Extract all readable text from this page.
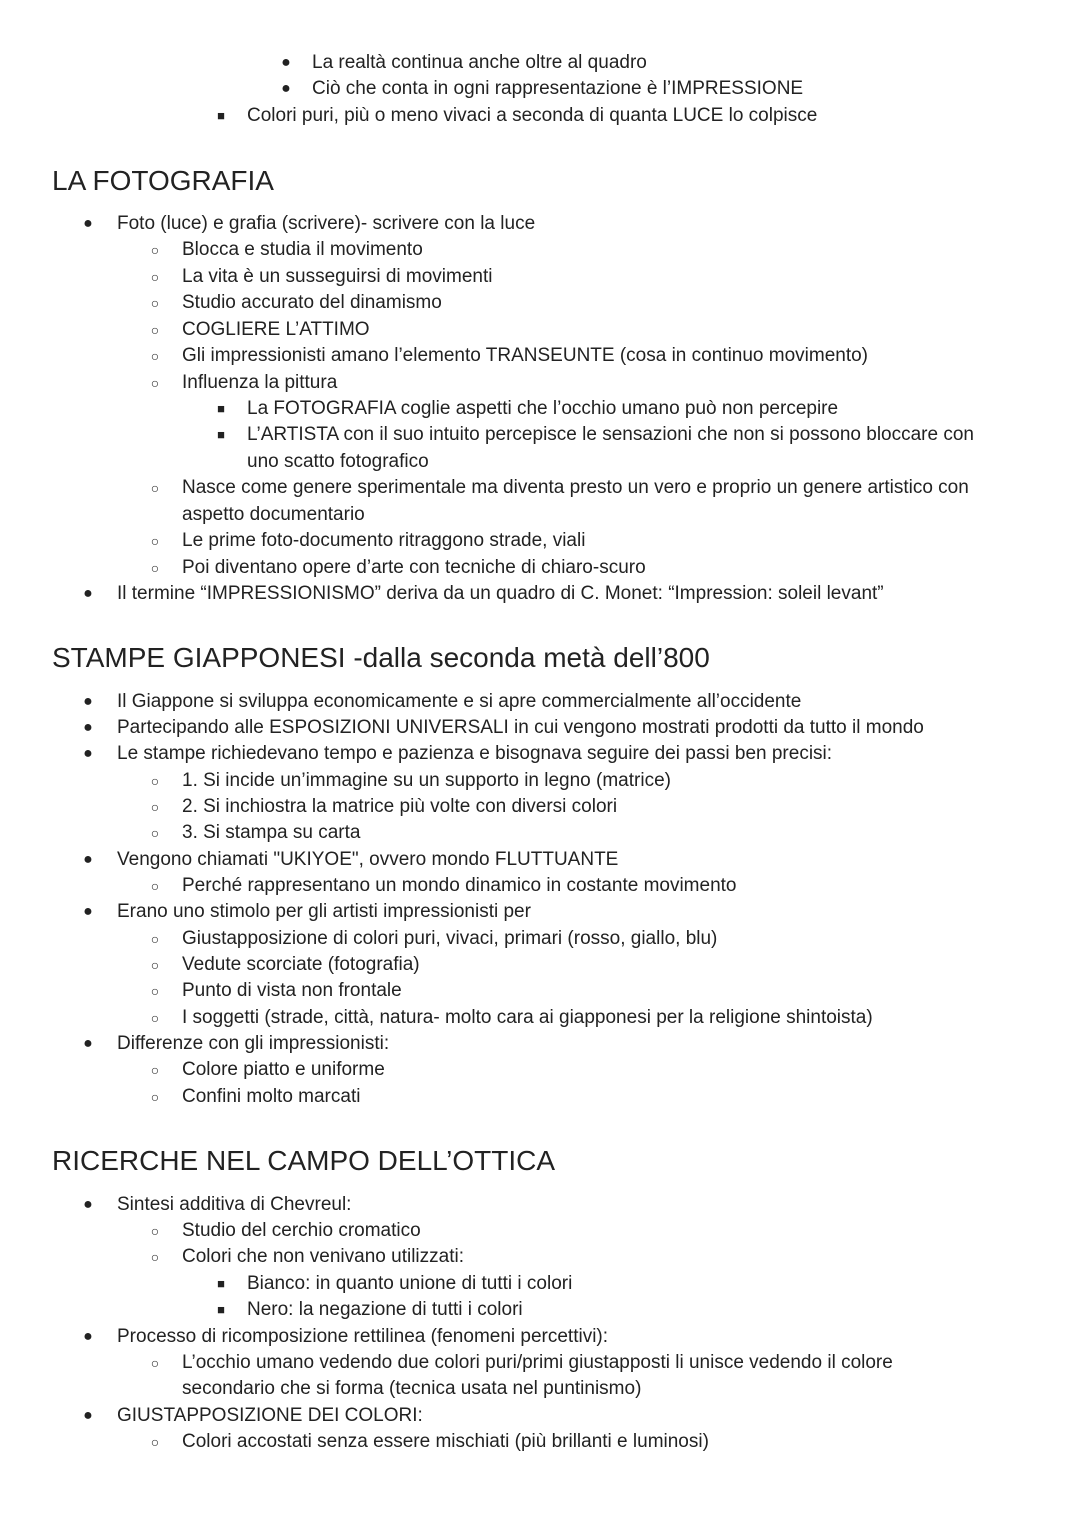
● La realtà continua anche oltre al quadro
● Ciò che conta in ogni rappresentazione è l’IMPRESSIONE
■	Colori puri, più o meno vivaci a seconda di quanta LUCE lo colpisce
LA FOTOGRAFIA
● Foto (luce) e grafia (scrivere)- scrivere con la luce
○	Blocca e studia il movimento
○	La vita è un susseguirsi di movimenti
○	Studio accurato del dinamismo
○	COGLIERE L’ATTIMO
○	Gli impressionisti amano l’elemento TRANSEUNTE (cosa in continuo movimento)
○	Influenza la pittura
■	La FOTOGRAFIA coglie aspetti che l’occhio umano può non percepire
■	L’ARTISTA con il suo intuito percepisce le sensazioni che non si possono bloccare con
uno scatto fotografico
○	Nasce come genere sperimentale ma diventa presto un vero e proprio un genere artistico con
aspetto documentario
○	Le prime foto-documento ritraggono strade, viali
○	Poi diventano opere d’arte con tecniche di chiaro-scuro
● Il termine “IMPRESSIONISMO” deriva da un quadro di C. Monet: “Impression: soleil levant”
STAMPE GIAPPONESI -dalla seconda metà dell’800
● Il Giappone si sviluppa economicamente e si apre commercialmente all’occidente
● Partecipando alle ESPOSIZIONI UNIVERSALI in cui vengono mostrati prodotti da tutto il mondo
● Le stampe richiedevano tempo e pazienza e bisognava seguire dei passi ben precisi:
○	1. Si incide un’immagine su un supporto in legno (matrice)
○	2. Si inchiostra la matrice più volte con diversi colori
○	3. Si stampa su carta
● Vengono chiamati "UKIYOE", ovvero mondo FLUTTUANTE
○	Perché rappresentano un mondo dinamico in costante movimento
● Erano uno stimolo per gli artisti impressionisti per
○	Giustapposizione di colori puri, vivaci, primari (rosso, giallo, blu)
○	Vedute scorciate (fotografia)
○	Punto di vista non frontale
○	I soggetti (strade, città, natura- molto cara ai giapponesi per la religione shintoista)
● Differenze con gli impressionisti:
○	Colore piatto e uniforme
○	Confini molto marcati
RICERCHE NEL CAMPO DELL’OTTICA
● Sintesi additiva di Chevreul:
○	Studio del cerchio cromatico
○	Colori che non venivano utilizzati:
■	Bianco: in quanto unione di tutti i colori
■	Nero: la negazione di tutti i colori
● Processo di ricomposizione rettilinea (fenomeni percettivi):
○	L’occhio umano vedendo due colori puri/primi giustapposti li unisce vedendo il colore
secondario che si forma (tecnica usata nel puntinismo)
● GIUSTAPPOSIZIONE DEI COLORI:
○	Colori accostati senza essere mischiati (più brillanti e luminosi)
